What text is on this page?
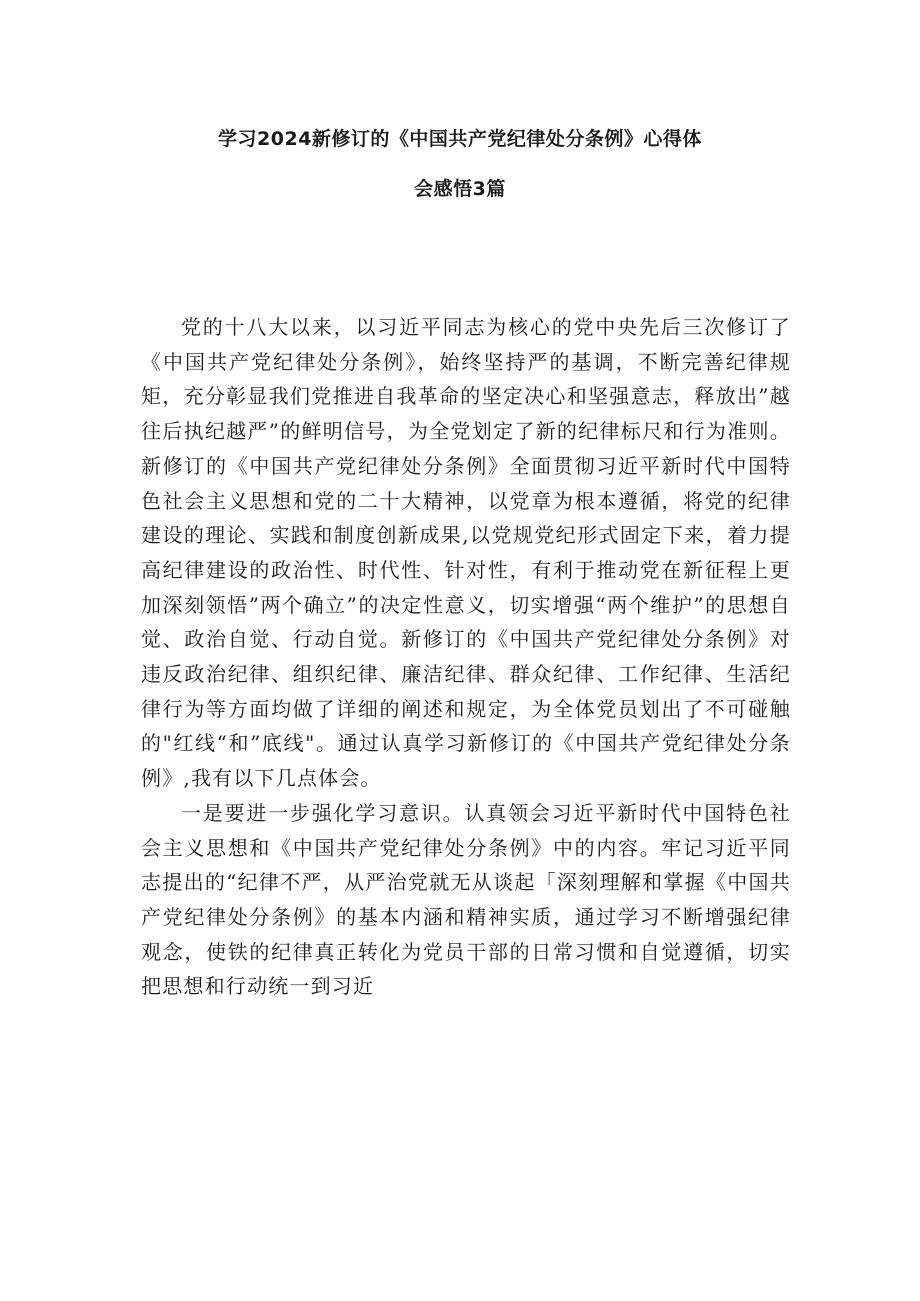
学习2024新修订的《中国共产党纪律处分条例》心得体
会感悟3篇

党的十八大以来，以习近平同志为核心的党中央先后三次修订了《中国共产党纪律处分条例》，始终坚持严的基调，不断完善纪律规矩，充分彰显我们党推进自我革命的坚定决心和坚强意志，释放出”越往后执纪越严”的鲜明信号，为全党划定了新的纪律标尺和行为准则。新修订的《中国共产党纪律处分条例》全面贯彻习近平新时代中国特色社会主义思想和党的二十大精神，以党章为根本遵循，将党的纪律建设的理论、实践和制度创新成果,以党规党纪形式固定下来，着力提高纪律建设的政治性、时代性、针对性，有利于推动党在新征程上更加深刻领悟”两个确立”的决定性意义，切实增强“两个维护”的思想自觉、政治自觉、行动自觉。新修订的《中国共产党纪律处分条例》对违反政治纪律、组织纪律、廉洁纪律、群众纪律、工作纪律、生活纪律行为等方面均做了详细的阐述和规定，为全体党员划出了不可碰触的"红线“和”底线"。通过认真学习新修订的《中国共产党纪律处分条例》,我有以下几点体会。

一是要进一步强化学习意识。认真领会习近平新时代中国特色社会主义思想和《中国共产党纪律处分条例》中的内容。牢记习近平同志提出的“纪律不严，从严治党就无从谈起「深刻理解和掌握《中国共产党纪律处分条例》的基本内涵和精神实质，通过学习不断增强纪律观念，使铁的纪律真正转化为党员干部的日常习惯和自觉遵循，切实把思想和行动统一到习近
